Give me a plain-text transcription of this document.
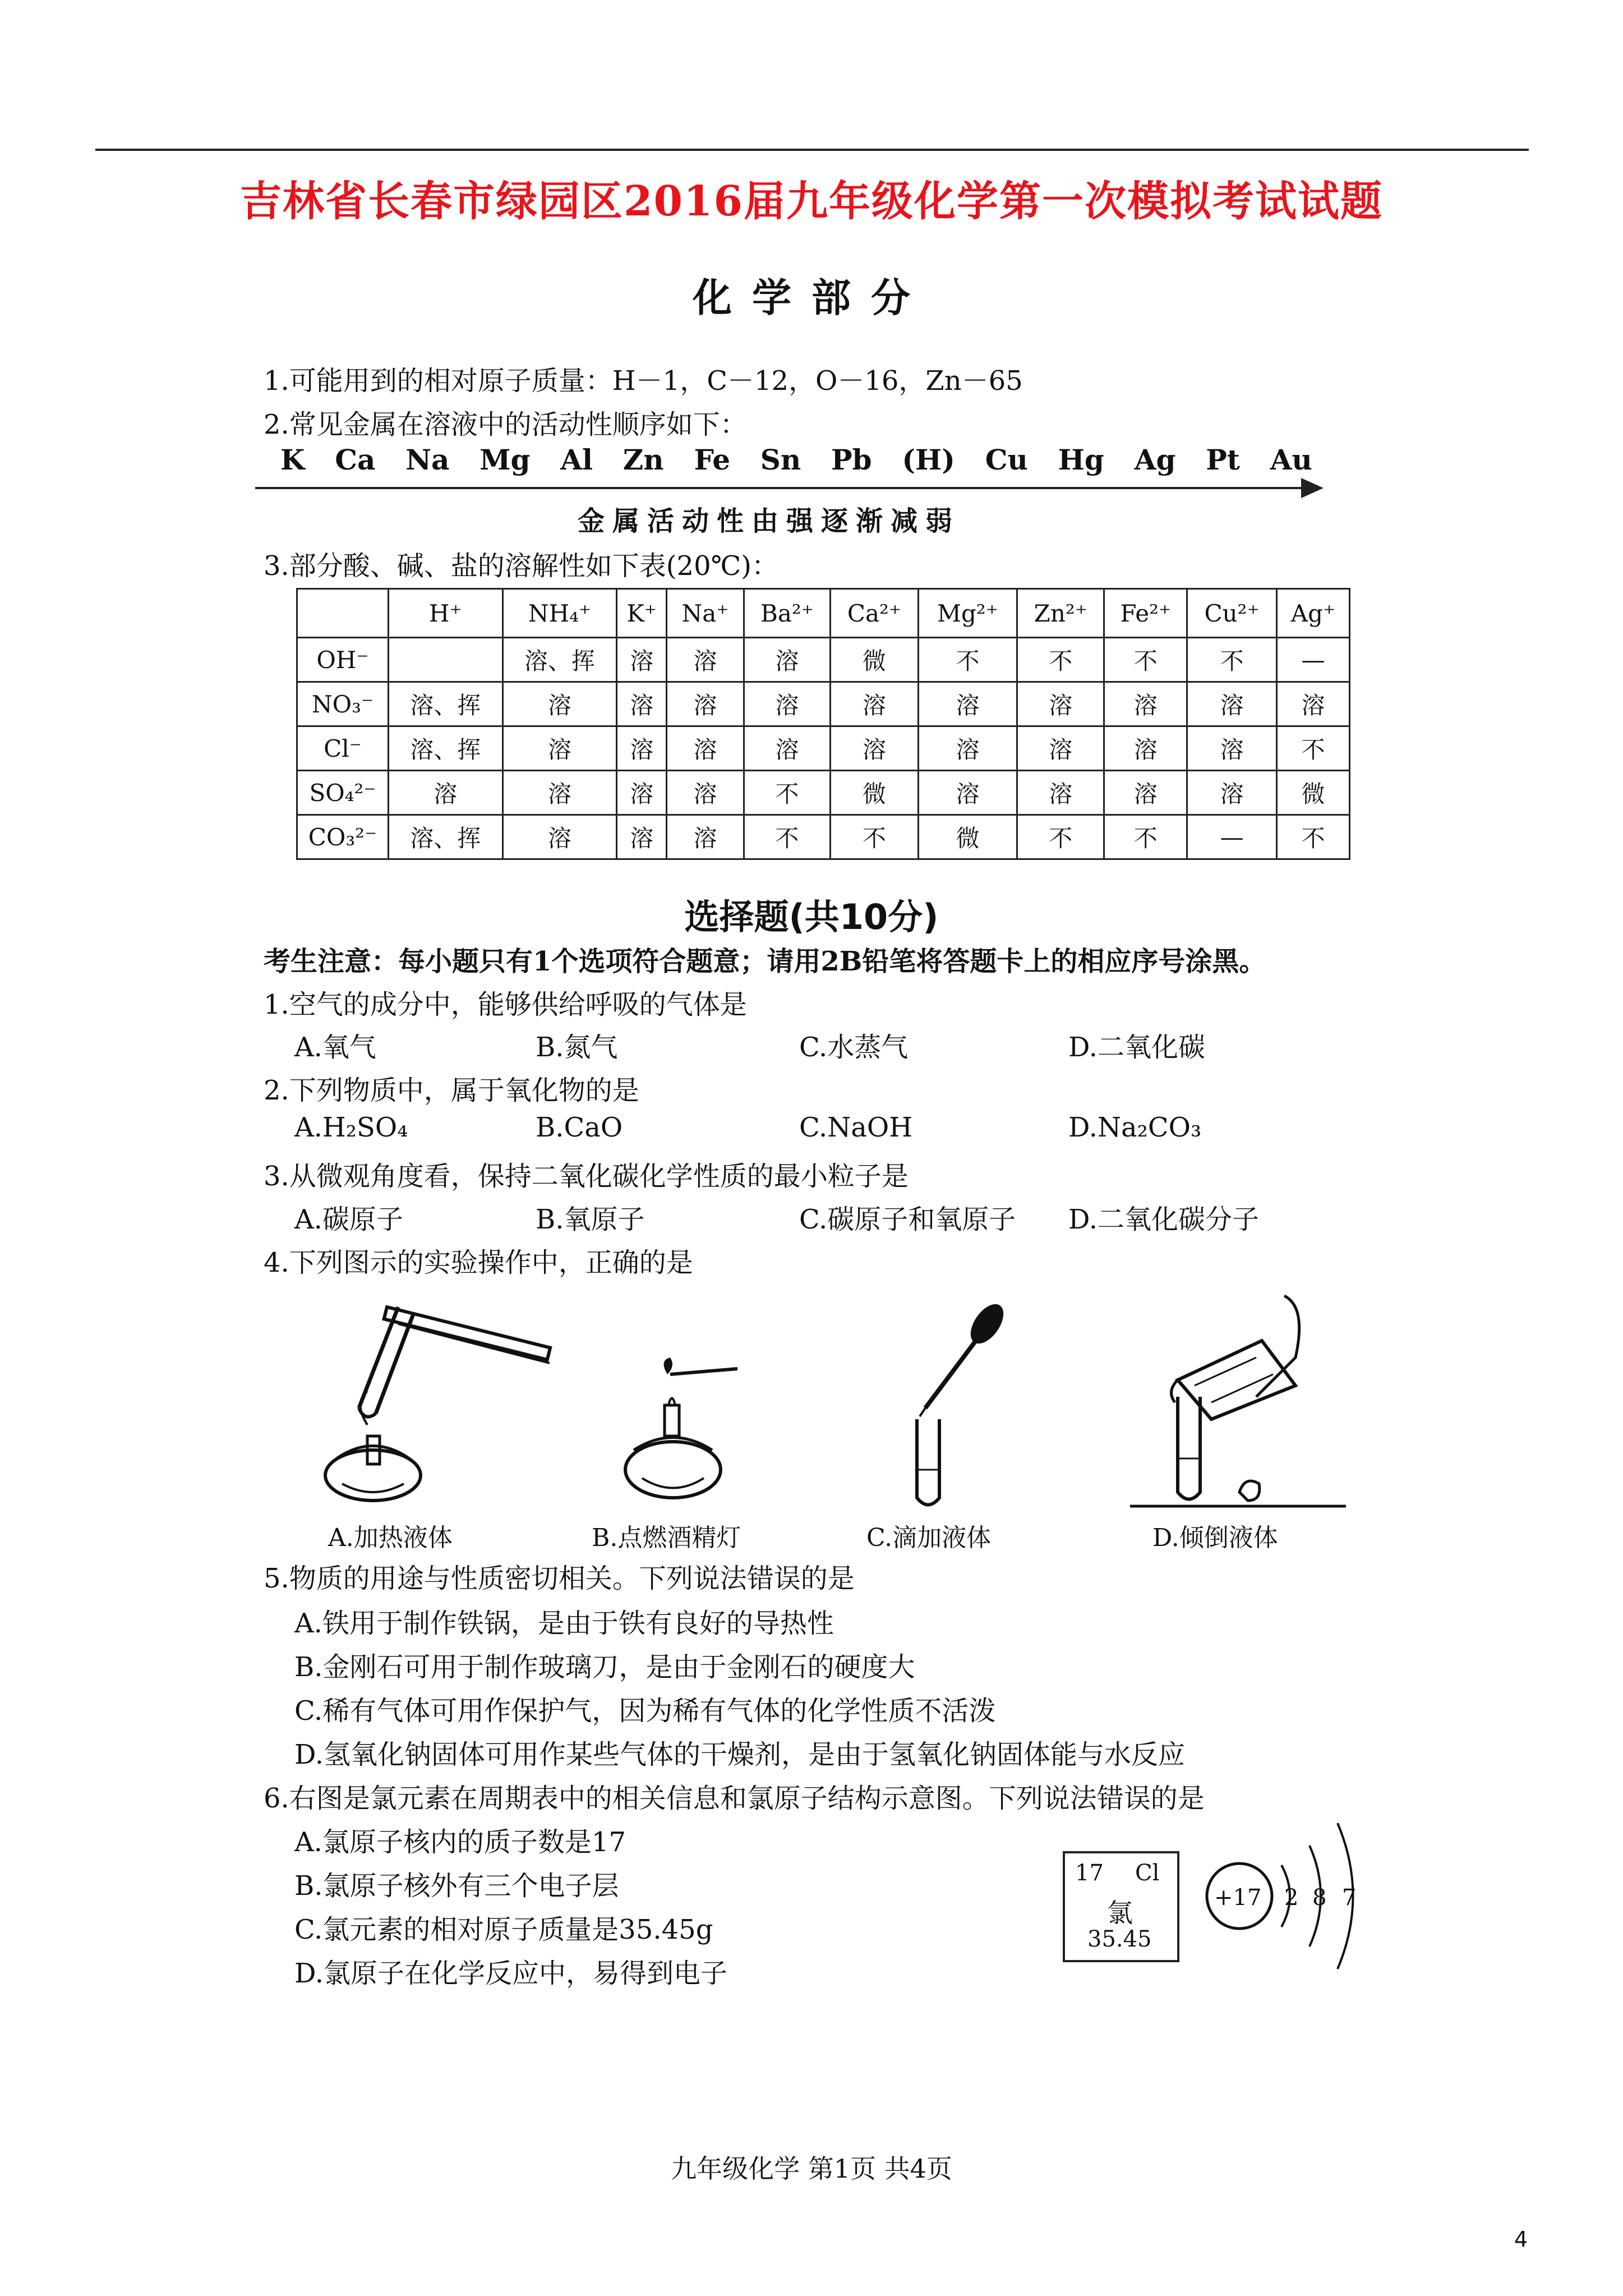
吉林省长春市绿园区2016届九年级化学第一次模拟考试试题
化学部分
1.可能用到的相对原子质量：H－1，C－12，O－16，Zn－65
2.常见金属在溶液中的活动性顺序如下：
K Ca Na Mg Al Zn Fe Sn Pb (H) Cu Hg Ag Pt Au
金属活动性由强逐渐减弱
3.部分酸、碱、盐的溶解性如下表(20℃)：
	H⁺	NH₄⁺	K⁺	Na⁺	Ba²⁺	Ca²⁺	Mg²⁺	Zn²⁺	Fe²⁺	Cu²⁺	Ag⁺
OH⁻		溶、挥	溶	溶	溶	微	不	不	不	不	—
NO₃⁻	溶、挥	溶	溶	溶	溶	溶	溶	溶	溶	溶	溶
Cl⁻	溶、挥	溶	溶	溶	溶	溶	溶	溶	溶	溶	不
SO₄²⁻	溶	溶	溶	溶	不	微	溶	溶	溶	溶	微
CO₃²⁻	溶、挥	溶	溶	溶	不	不	微	不	不	—	不
选择题(共10分)
考生注意：每小题只有1个选项符合题意；请用2B铅笔将答题卡上的相应序号涂黑。
1.空气的成分中，能够供给呼吸的气体是
A.氧气	B.氮气	C.水蒸气	D.二氧化碳
2.下列物质中，属于氧化物的是
A.H₂SO₄	B.CaO	C.NaOH	D.Na₂CO₃
3.从微观角度看，保持二氧化碳化学性质的最小粒子是
A.碳原子	B.氧原子	C.碳原子和氧原子 D.二氧化碳分子
4.下列图示的实验操作中，正确的是
A.加热液体	B.点燃酒精灯	C.滴加液体	D.倾倒液体
5.物质的用途与性质密切相关。下列说法错误的是
A.铁用于制作铁锅，是由于铁有良好的导热性
B.金刚石可用于制作玻璃刀，是由于金刚石的硬度大
C.稀有气体可用作保护气，因为稀有气体的化学性质不活泼
D.氢氧化钠固体可用作某些气体的干燥剂，是由于氢氧化钠固体能与水反应
6.右图是氯元素在周期表中的相关信息和氯原子结构示意图。下列说法错误的是
A.氯原子核内的质子数是17
B.氯原子核外有三个电子层
C.氯元素的相对原子质量是35.45g
D.氯原子在化学反应中，易得到电子
17 Cl
氯
35.45
+17 2 8 7
九年级化学 第1页 共4页
4
